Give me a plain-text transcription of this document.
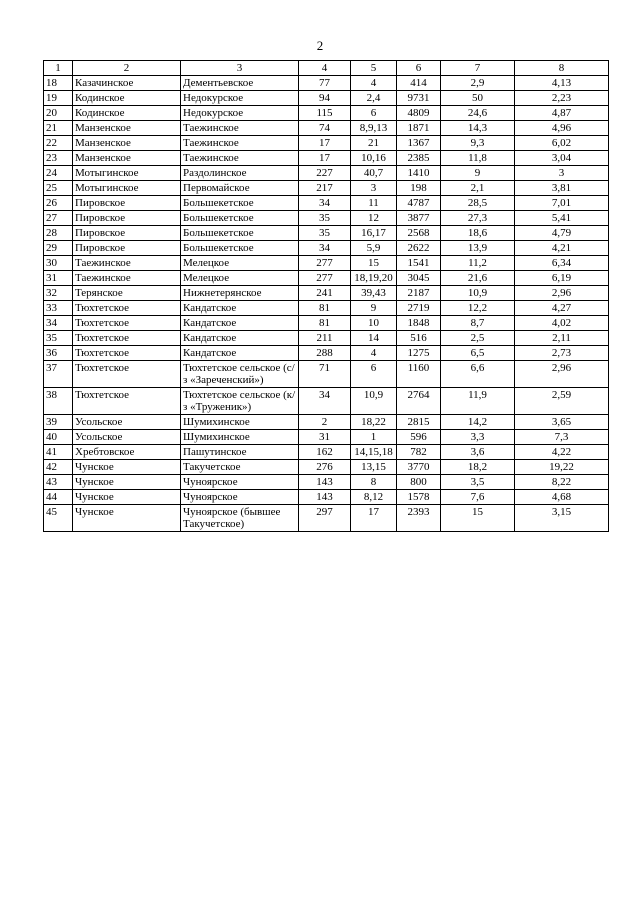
2
1	2	3	4	5	6	7	8
18	Казачинское	Дементьевское	77	4	414	2,9	4,13
19	Кодинское	Недокурское	94	2,4	9731	50	2,23
20	Кодинское	Недокурское	115	6	4809	24,6	4,87
21	Манзенское	Таежинское	74	8,9,13	1871	14,3	4,96
22	Манзенское	Таежинское	17	21	1367	9,3	6,02
23	Манзенское	Таежинское	17	10,16	2385	11,8	3,04
24	Мотыгинское	Раздолинское	227	40,7	1410	9	3
25	Мотыгинское	Первомайское	217	3	198	2,1	3,81
26	Пировское	Большекетское	34	11	4787	28,5	7,01
27	Пировское	Большекетское	35	12	3877	27,3	5,41
28	Пировское	Большекетское	35	16,17	2568	18,6	4,79
29	Пировское	Большекетское	34	5,9	2622	13,9	4,21
30	Таежинское	Мелецкое	277	15	1541	11,2	6,34
31	Таежинское	Мелецкое	277	18,19,20	3045	21,6	6,19
32	Терянское	Нижнетерянское	241	39,43	2187	10,9	2,96
33	Тюхтетское	Кандатское	81	9	2719	12,2	4,27
34	Тюхтетское	Кандатское	81	10	1848	8,7	4,02
35	Тюхтетское	Кандатское	211	14	516	2,5	2,11
36	Тюхтетское	Кандатское	288	4	1275	6,5	2,73
37	Тюхтетское	Тюхтетское сельское (с/з «Зареченский»)	71	6	1160	6,6	2,96
38	Тюхтетское	Тюхтетское сельское (к/з «Труженик»)	34	10,9	2764	11,9	2,59
39	Усольское	Шумихинское	2	18,22	2815	14,2	3,65
40	Усольское	Шумихинское	31	1	596	3,3	7,3
41	Хребтовское	Пашутинское	162	14,15,18	782	3,6	4,22
42	Чунское	Такучетское	276	13,15	3770	18,2	19,22
43	Чунское	Чуноярское	143	8	800	3,5	8,22
44	Чунское	Чуноярское	143	8,12	1578	7,6	4,68
45	Чунское	Чуноярское (бывшее Такучетское)	297	17	2393	15	3,15
